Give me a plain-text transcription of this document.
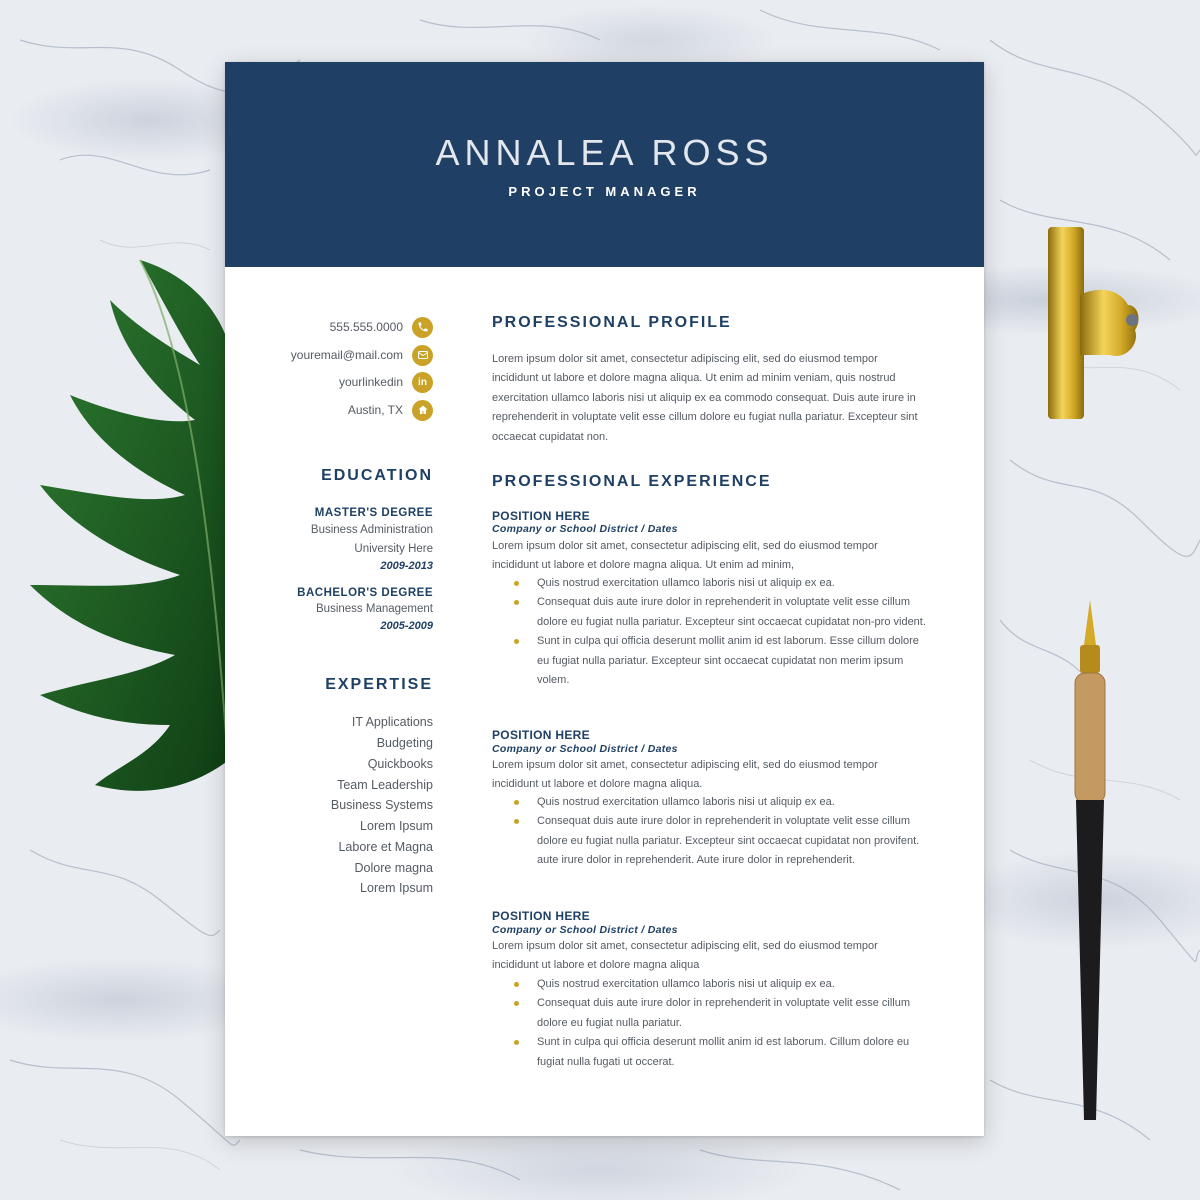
ANNALEA ROSS
PROJECT MANAGER
555.555.0000
youremail@mail.com
yourlinkedin	in
Austin, TX
EDUCATION
MASTER'S DEGREE
Business Administration
University Here
2009-2013
BACHELOR'S DEGREE
Business Management
2005-2009
EXPERTISE
IT Applications
Budgeting
Quickbooks
Team Leadership
Business Systems
Lorem Ipsum
Labore et Magna
Dolore magna
Lorem Ipsum
PROFESSIONAL PROFILE
Lorem ipsum dolor sit amet, consectetur adipiscing elit, sed do eiusmod tempor incididunt ut labore et dolore magna aliqua. Ut enim ad minim veniam, quis nostrud exercitation ullamco laboris nisi ut aliquip ex ea commodo consequat. Duis aute irure in reprehenderit in voluptate velit esse cillum dolore eu fugiat nulla pariatur. Excepteur sint occaecat cupidatat non.
PROFESSIONAL EXPERIENCE
POSITION HERE
Company or School District / Dates
Lorem ipsum dolor sit amet, consectetur adipiscing elit, sed do eiusmod tempor incididunt ut labore et dolore magna aliqua. Ut enim ad minim,
Quis nostrud exercitation ullamco laboris nisi ut aliquip ex ea.
Consequat duis aute irure dolor in reprehenderit in voluptate velit esse cillum dolore eu fugiat nulla pariatur. Excepteur sint occaecat cupidatat non-pro vident.
Sunt in culpa qui officia deserunt mollit anim id est laborum. Esse cillum dolore eu fugiat nulla pariatur. Excepteur sint occaecat cupidatat non merim ipsum volem.
POSITION HERE
Company or School District / Dates
Lorem ipsum dolor sit amet, consectetur adipiscing elit, sed do eiusmod tempor incididunt ut labore et dolore magna aliqua.
Quis nostrud exercitation ullamco laboris nisi ut aliquip ex ea.
Consequat duis aute irure dolor in reprehenderit in voluptate velit esse cillum dolore eu fugiat nulla pariatur. Excepteur sint occaecat cupidatat non provifent. aute irure dolor in reprehenderit. Aute irure dolor in reprehenderit.
POSITION HERE
Company or School District / Dates
Lorem ipsum dolor sit amet, consectetur adipiscing elit, sed do eiusmod tempor incididunt ut labore et dolore magna aliqua
Quis nostrud exercitation ullamco laboris nisi ut aliquip ex ea.
Consequat duis aute irure dolor in reprehenderit in voluptate velit esse cillum dolore eu fugiat nulla pariatur.
Sunt in culpa qui officia deserunt mollit anim id est laborum. Cillum dolore eu fugiat nulla fugati ut occerat.
